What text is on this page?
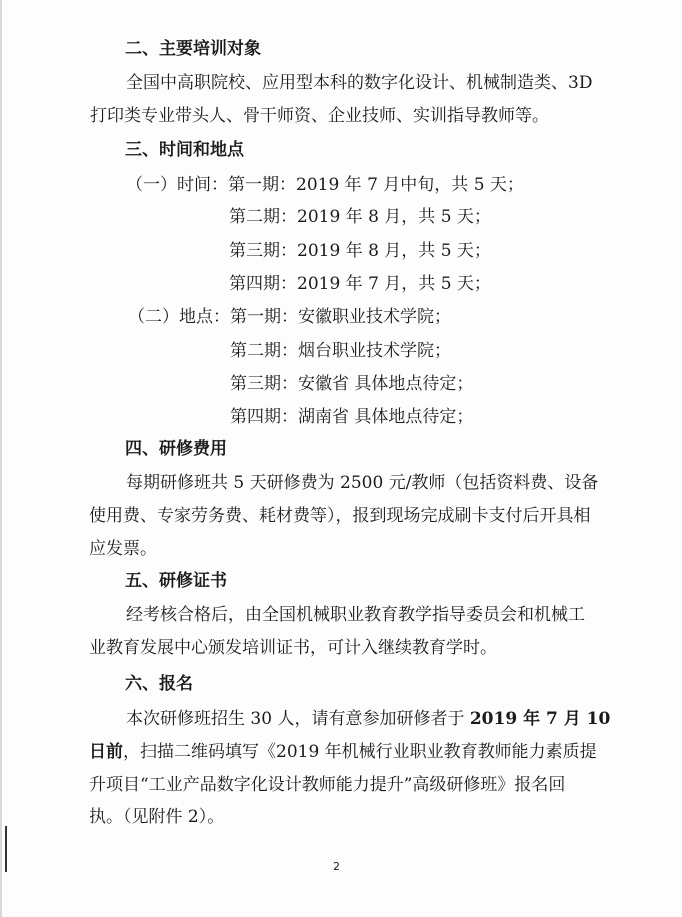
二、主要培训对象
全国中高职院校、应用型本科的数字化设计、机械制造类、3D
打印类专业带头人、骨干师资、企业技师、实训指导教师等。
三、时间和地点
（一）时间：第一期：2019 年 7 月中旬，共 5 天；
第二期：2019 年 8 月，共 5 天；
第三期：2019 年 8 月，共 5 天；
第四期：2019 年 7 月，共 5 天；
（二）地点：第一期：安徽职业技术学院；
第二期：烟台职业技术学院；
第三期：安徽省 具体地点待定；
第四期：湖南省 具体地点待定；
四、研修费用
每期研修班共 5 天研修费为 2500 元/教师（包括资料费、设备
使用费、专家劳务费、耗材费等），报到现场完成刷卡支付后开具相
应发票。
五、研修证书
经考核合格后，由全国机械职业教育教学指导委员会和机械工
业教育发展中心颁发培训证书，可计入继续教育学时。
六、报名
本次研修班招生 30 人，请有意参加研修者于 2019 年 7 月 10
日前，扫描二维码填写《2019 年机械行业职业教育教师能力素质提
升项目“工业产品数字化设计教师能力提升”高级研修班》报名回
执。（见附件 2）。
2
